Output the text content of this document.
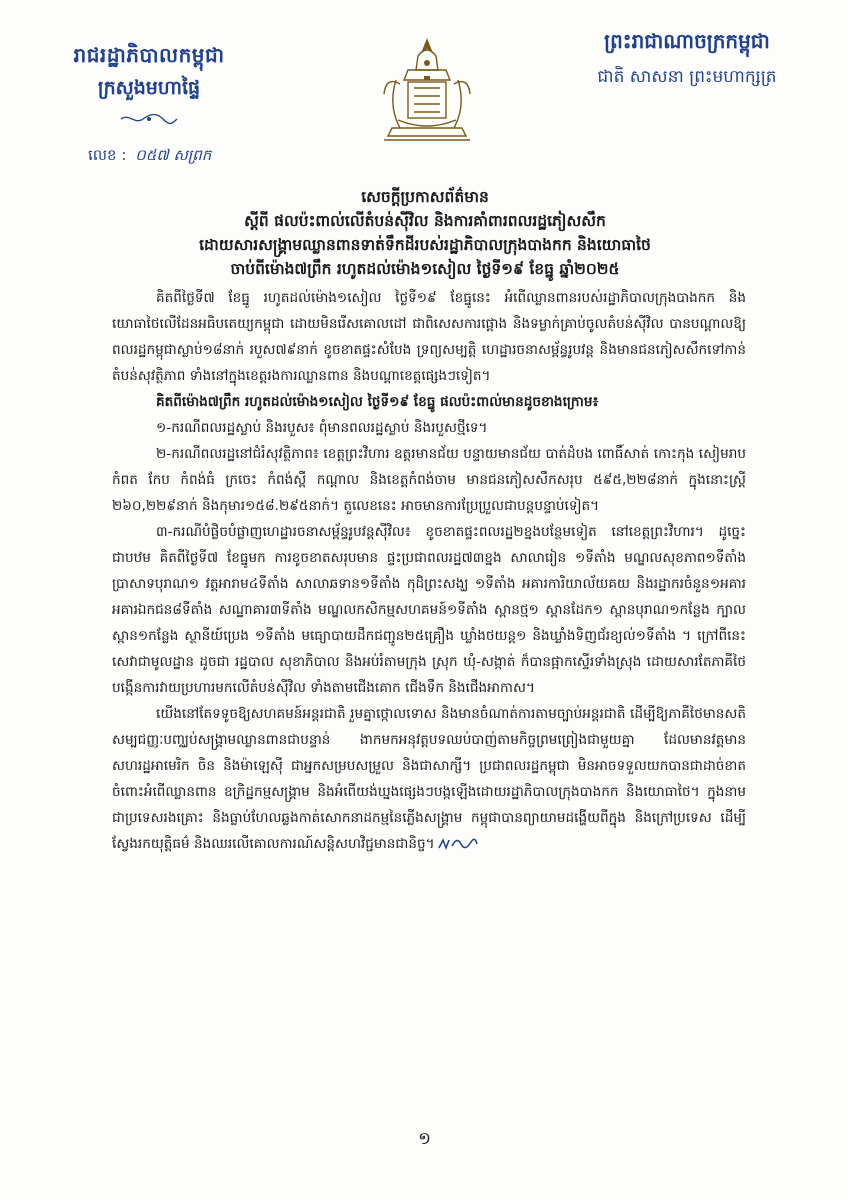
រាជរដ្ឋាភិបាលកម្ពុជា
ក្រសួងមហាផ្ទៃ
លេខ : ០៥៧ សព្រក
ព្រះរាជាណាចក្រកម្ពុជា
ជាតិ សាសនា ព្រះមហាក្សត្រ
សេចក្តីប្រកាសព័ត៌មាន
ស្តីពី ផលប៉ះពាល់លើតំបន់ស៊ីវិល និងការគាំពារពលរដ្ឋភៀសសឹក
ដោយសារសង្គ្រាមឈ្លានពានទាត់ទឹកដីរបស់រដ្ឋាភិបាលក្រុងបាងកក និងយោធាថៃ
ចាប់ពីម៉ោង៧ព្រឹក រហូតដល់ម៉ោង១សៀល ថ្ងៃទី១៩ ខែធ្នូ ឆ្នាំ២០២៥

គិតពីថ្ងៃទី៧ ខែធ្នូ រហូតដល់ម៉ោង១សៀល ថ្ងៃទី១៩ ខែធ្នូនេះ អំពើឈ្លានពានរបស់រដ្ឋាភិបាលក្រុងបាងកក និងយោធាថៃលើដែនអធិបតេយ្យកម្ពុជា ដោយមិនរើសគោលដៅ ជាពិសេសការផ្តោង និងទម្លាក់គ្រាប់ចូលតំបន់ស៊ីវិល បានបណ្តាលឱ្យពលរដ្ឋកម្ពុជាស្លាប់១៨នាក់ របួស៧៩នាក់ ខូចខាតផ្ទះសំបែង ទ្រព្យសម្បត្តិ ហេដ្ឋារចនាសម្ព័ន្ធរូបវន្ត និងមានជនភៀសសឹកទៅកាន់តំបន់សុវត្ថិភាព ទាំងនៅក្នុងខេត្តរងការឈ្លានពាន និងបណ្តាខេត្តផ្សេងៗទៀត។

គិតពីម៉ោង៧ព្រឹក រហូតដល់ម៉ោង១សៀល ថ្ងៃទី១៩ ខែធ្នូ ផលប៉ះពាល់មានដូចខាងក្រោម៖

១-ករណីពលរដ្ឋស្លាប់ និងរបួស៖ ពុំមានពលរដ្ឋស្លាប់ និងរបួសថ្មីទេ។

២-ករណីពលរដ្ឋនៅជំរំសុវត្ថិភាព៖ ខេត្តព្រះវិហារ ឧត្តរមានជ័យ បន្ទាយមានជ័យ បាត់ដំបង ពោធិ៍សាត់ កោះកុង សៀមរាប កំពត កែប កំពង់ធំ ក្រចេះ កំពង់ស្ពឺ កណ្តាល និងខេត្តកំពង់ចាម មានជនភៀសសឹកសរុប ៥៩៥,២២៨នាក់ ក្នុងនោះស្ត្រី ២៦០,២២៩នាក់ និងកុមារ១៥៨.២៩៥នាក់។ តួលេខនេះ អាចមានការប្រែប្រួលជាបន្តបន្ទាប់ទៀត។

៣-ករណីបំផ្លិចបំផ្លាញហេដ្ឋារចនាសម្ព័ន្ធរូបវន្តស៊ីវិល៖ ខូចខាតផ្ទះពលរដ្ឋ២ខ្នងបន្ថែមទៀត នៅខេត្តព្រះវិហារ។ ដូច្នេះ ជាបឋម គិតពីថ្ងៃទី៧ ខែធ្នូមក ការខូចខាតសរុបមាន ផ្ទះប្រជាពលរដ្ឋ៧៣ខ្នង សាលារៀន ១ទីតាំង មណ្ឌលសុខភាព១ទីតាំង ប្រាសាទបុរាណ១ វត្តអារាម៤ទីតាំង សាលាឆទាន១ទីតាំង កុដិព្រះសង្ឃ ១ទីតាំង អគារការិយាល័យគយ និងរដ្ឋាករចំនួន១អគារ អគារឯកជន៨ទីតាំង សណ្ឋាគារ៣ទីតាំង មណ្ឌលកសិកម្មសហគមន៍១ទីតាំង ស្ពានថ្ម១ ស្ពានដែក១ ស្ពានបុរាណ១កន្លែង ក្បាលស្ពាន១កន្លែង ស្ថានីយ៍ប្រេង ១ទីតាំង មធ្យោបាយដឹកជញ្ជូន២៥គ្រឿង ឃ្លាំងថយន្ត១ និងឃ្លាំងទិញជ័រខ្យល់១ទីតាំង ។ ក្រៅពីនេះ សេវាជាមូលដ្ឋាន ដូចជា រដ្ឋបាល សុខាភិបាល និងអប់រំតាមក្រុង ស្រុក ឃុំ-សង្កាត់ ក៏បានផ្អាកស្ទើរទាំងស្រុង ដោយសារតែភាគីថៃបង្កើនការវាយប្រហារមកលើតំបន់ស៊ីវិល ទាំងតាមជើងគោក ជើងទឹក និងជើងអាកាស។

យើងនៅតែទទូចឱ្យសហគមន៍អន្តរជាតិ រួមគ្នាថ្កោលទោស និងមានចំណាត់ការតាមច្បាប់អន្តរជាតិ ដើម្បីឱ្យភាគីថៃមានសតិសម្បជញ្ញៈបញ្ឈប់សង្គ្រាមឈ្លានពានជាបន្ទាន់ ងាកមកអនុវត្តបទឈប់បាញ់តាមកិច្ចព្រមព្រៀងជាមួយគ្នា ដែលមានវត្តមានសហរដ្ឋអាមេរិក ចិន និងម៉ាឡេស៊ី ជាអ្នកសម្របសម្រួល និងជាសាក្សី។ ប្រជាពលរដ្ឋកម្ពុជា មិនអាចទទួលយកបានជាដាច់ខាត ចំពោះអំពើឈ្លានពាន ឧក្រិដ្ឋកម្មសង្គ្រាម និងអំពើយង់ឃ្នងផ្សេងៗបង្កឡើងដោយរដ្ឋាភិបាលក្រុងបាងកក និងយោធាថៃ។ ក្នុងនាមជាប្រទេសរងគ្រោះ និងធ្លាប់ហែលឆ្លងកាត់សោកនាដកម្មនៃភ្លើងសង្គ្រាម កម្ពុជាបានព្យាយាមដង្ហើយពីក្នុង និងក្រៅប្រទេស ដើម្បីស្វែងរកយុត្តិធម៌ និងឈរលើគោលការណ៍សន្តិសហវិជ្ជមានជានិច្ច។

១
